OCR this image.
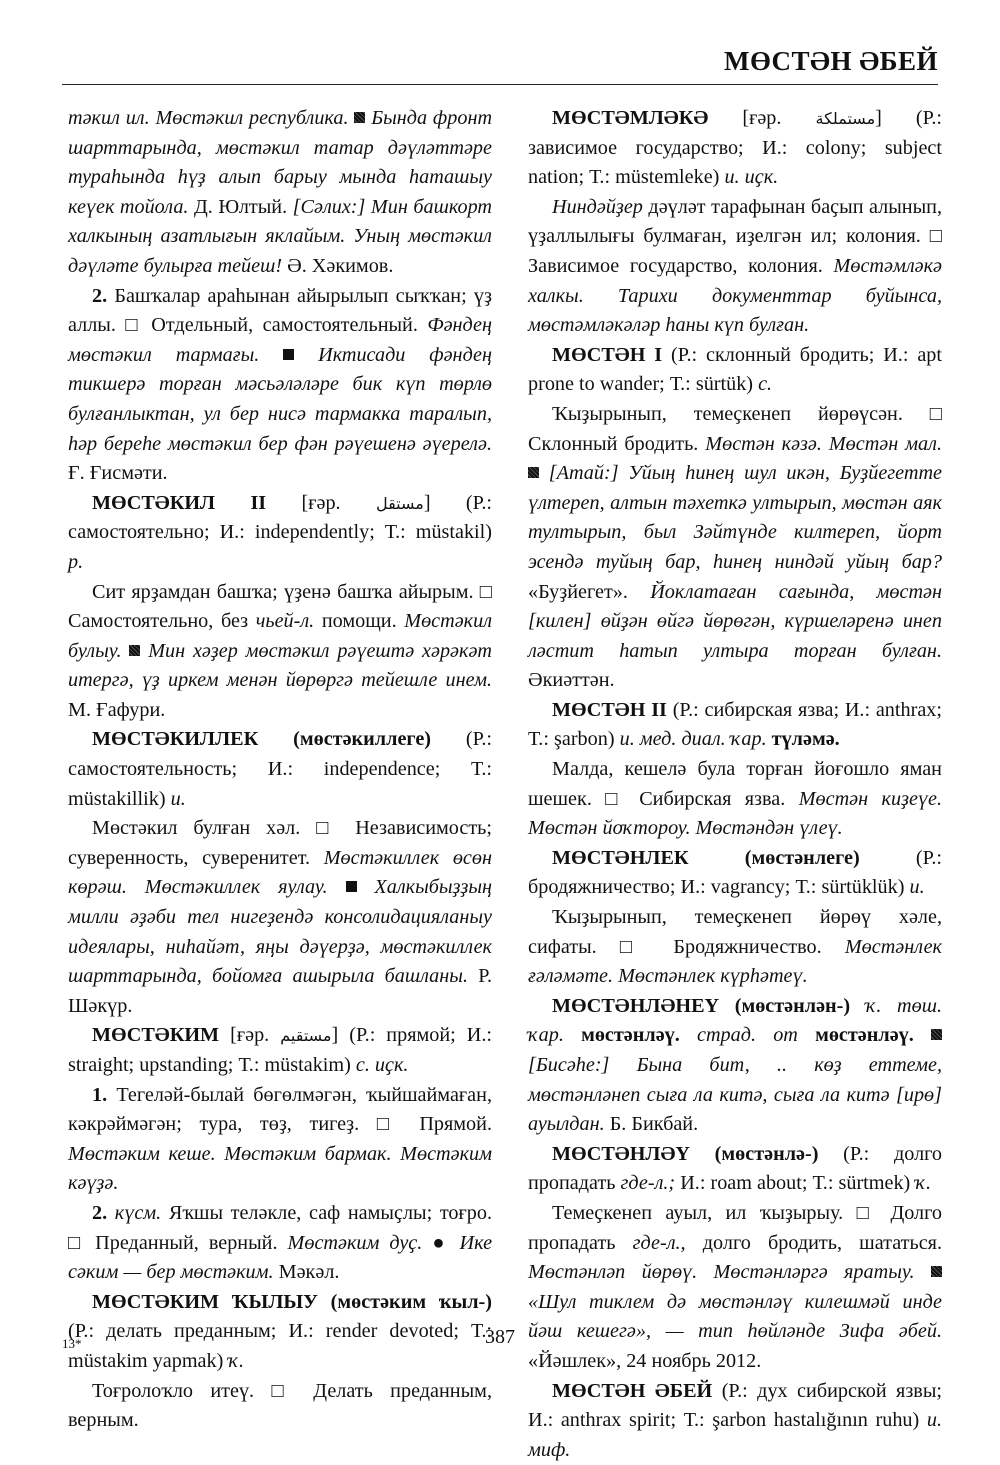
МӨСТӘН ӘБЕЙ

тәкил ил. Мөстәкил республика. Бында фронт шарттарында, мөстәкил татар дәүләттәре тураһында һүҙ алып барыу мында һаташыу кеүек тойола. Д. Юлтый. [Сәлих:] Мин башкорт халкының азатлығын яклайым. Уның мөстәкил дәүләте булырға тейеш! Ә. Хәкимов.

2. Башҡалар араһынан айырылып сыҡҡан; үҙ аллы. □ Отдельный, самостоятельный. Фәндең мөстәкил тармағы.	Иктисади фәндең тикшерә торған мәсьәләләре бик күп төрлө булғанлыктан, ул бер нисә тармакка таралып, һәр береһе мөстәкил бер фән рәүешенә әүерелә. Ғ. Ғисмәти.

МӨСТӘКИЛ II [ғәр. مستقل] (Р.: самостоятельно; И.: independently; Т.: müstakil) р.

Сит ярҙамдан башҡа; үҙенә башҡа айырым. □ Самостоятельно, без чьей-л. помощи. Мөстәкил булыу. Мин хәҙер мөстәкил рәүештә хәрәкәт итергә, үҙ иркем менән йөрөргә тейешле инем. М. Ғафури.

МӨСТӘКИЛЛЕК (мөстәкиллеге) (Р.: самостоятельность; И.: independence; Т.: müstakillik) и.

Мөстәкил булған хәл. □ Независимость; суверенность, суверенитет. Мөстәкиллек өсөн көрәш. Мөстәкиллек яулау. Халкыбыҙҙың милли әҙәби тел нигеҙендә консолидацияланыу идеялары, ниһайәт, яңы дәүерҙә, мөстәкиллек шарттарында, бойомға ашырыла башланы. Р. Шәкүр.

МӨСТӘКИМ [ғәр. مستقيم] (Р.: прямой; И.: straight; upstanding; Т.: müstakim) с. иҫк.

1. Тегеләй-былай бөгөлмәгән, ҡыйшаймаған, кәкрәймәгән; тура, төҙ, тигеҙ. □ Прямой. Мөстәким кеше. Мөстәким бармак. Мөстәким кәүҙә.

2. күсм. Яҡшы теләкле, саф намыҫлы; тоғро. □ Преданный, верный. Мөстәким дуҫ. ● Ике сәким — бер мөстәким. Мәкәл.

МӨСТӘКИМ ҠЫЛЫУ (мөстәким ҡыл-) (Р.: делать преданным; И.: render devoted; Т.: müstakim yapmak) ҡ.

Тоғролоҡло итеү. □ Делать преданным, верным.

МӨСТӘМЛӘКӘ [ғәр. مستملكة] (Р.: зависимое государство; И.: colony; subject nation; Т.: müstemleke) и. иҫк.

Ниндәйҙер дәүләт тарафынан баҫып алынып, үҙаллылығы булмаған, иҙелгән ил; колония. □ Зависимое государство, колония. Мөстәмләкә халкы. Тарихи документтар буйынса, мөстәмләкәләр һаны күп булған.

МӨСТӘН I (Р.: склонный бродить; И.: apt prone to wander; Т.: sürtük) с.

Ҡыҙырынып, темеҫкенеп йөрөүсән. □ Склонный бродить. Мөстән кәзә. Мөстән мал.  [Атай:] Уйың һинең шул икән, Буҙйегетте үлтереп, алтын тәхеткә ултырып, мөстән аяк тултырып, был Зәйтүнде килтереп, йорт эсендә туйың бар, һинең ниндәй уйың бар? «Буҙйегет». Йоклаmаған сағында, мөстән [килен] өйҙән өйгә йөрөгән, күршеләренә инеп ләстит һатып ултыра торған булған. Әкиәттән.

МӨСТӘН II (Р.: сибирская язва; И.: anthrax; Т.: şarbon) и. мед. диал. ҡар. түләмә.

Малда, кешелә була торған йоғошло яман шешек. □ Сибирская язва. Мөстән киҙеүе. Мөстән йоҡтороу. Мөстәндән үлеү.

МӨСТӘНЛЕК	(мөстәнлеге)	(Р.: бродяжничество; И.: vagrancy; Т.: sürtüklük) и.

Ҡыҙырынып, темеҫкенеп йөрөү хәле, сифаты. □ Бродяжничество. Мөстәнлек ғәләмәте. Мөстәнлек күрһәтеү.

МӨСТӘНЛӘНЕҮ (мөстәнлән-) ҡ. төш. ҡар. мөстәнләү. страд. от мөстәнләү.  [Бисәһе:] Бына бит, .. көҙ еттеме, мөстәнләнеп сыға ла китә, сыға ла китә [ирө] ауылдан. Б. Бикбай.

МӨСТӘНЛӘҮ (мөстәнлә-) (Р.: долго пропадать где-л.; И.: roam about; Т.: sürtmek) ҡ.

Темеҫкенеп ауыл, ил ҡыҙырыу. □ Долго пропадать где-л., долго бродить, шататься. Мөстәнләп йөрөү. Мөстәнләргә яратыу.  «Шул тиклем дә мөстәнләү килешмәй инде йәш кешегә», — тип һөйләнде Зифа әбей. «Йәшлек», 24 ноябрь 2012.

МӨСТӘН ӘБЕЙ (Р.: дух сибирской язвы; И.: anthrax spirit; Т.: şarbon hastalığının ruhu) и. миф.

13*	387
